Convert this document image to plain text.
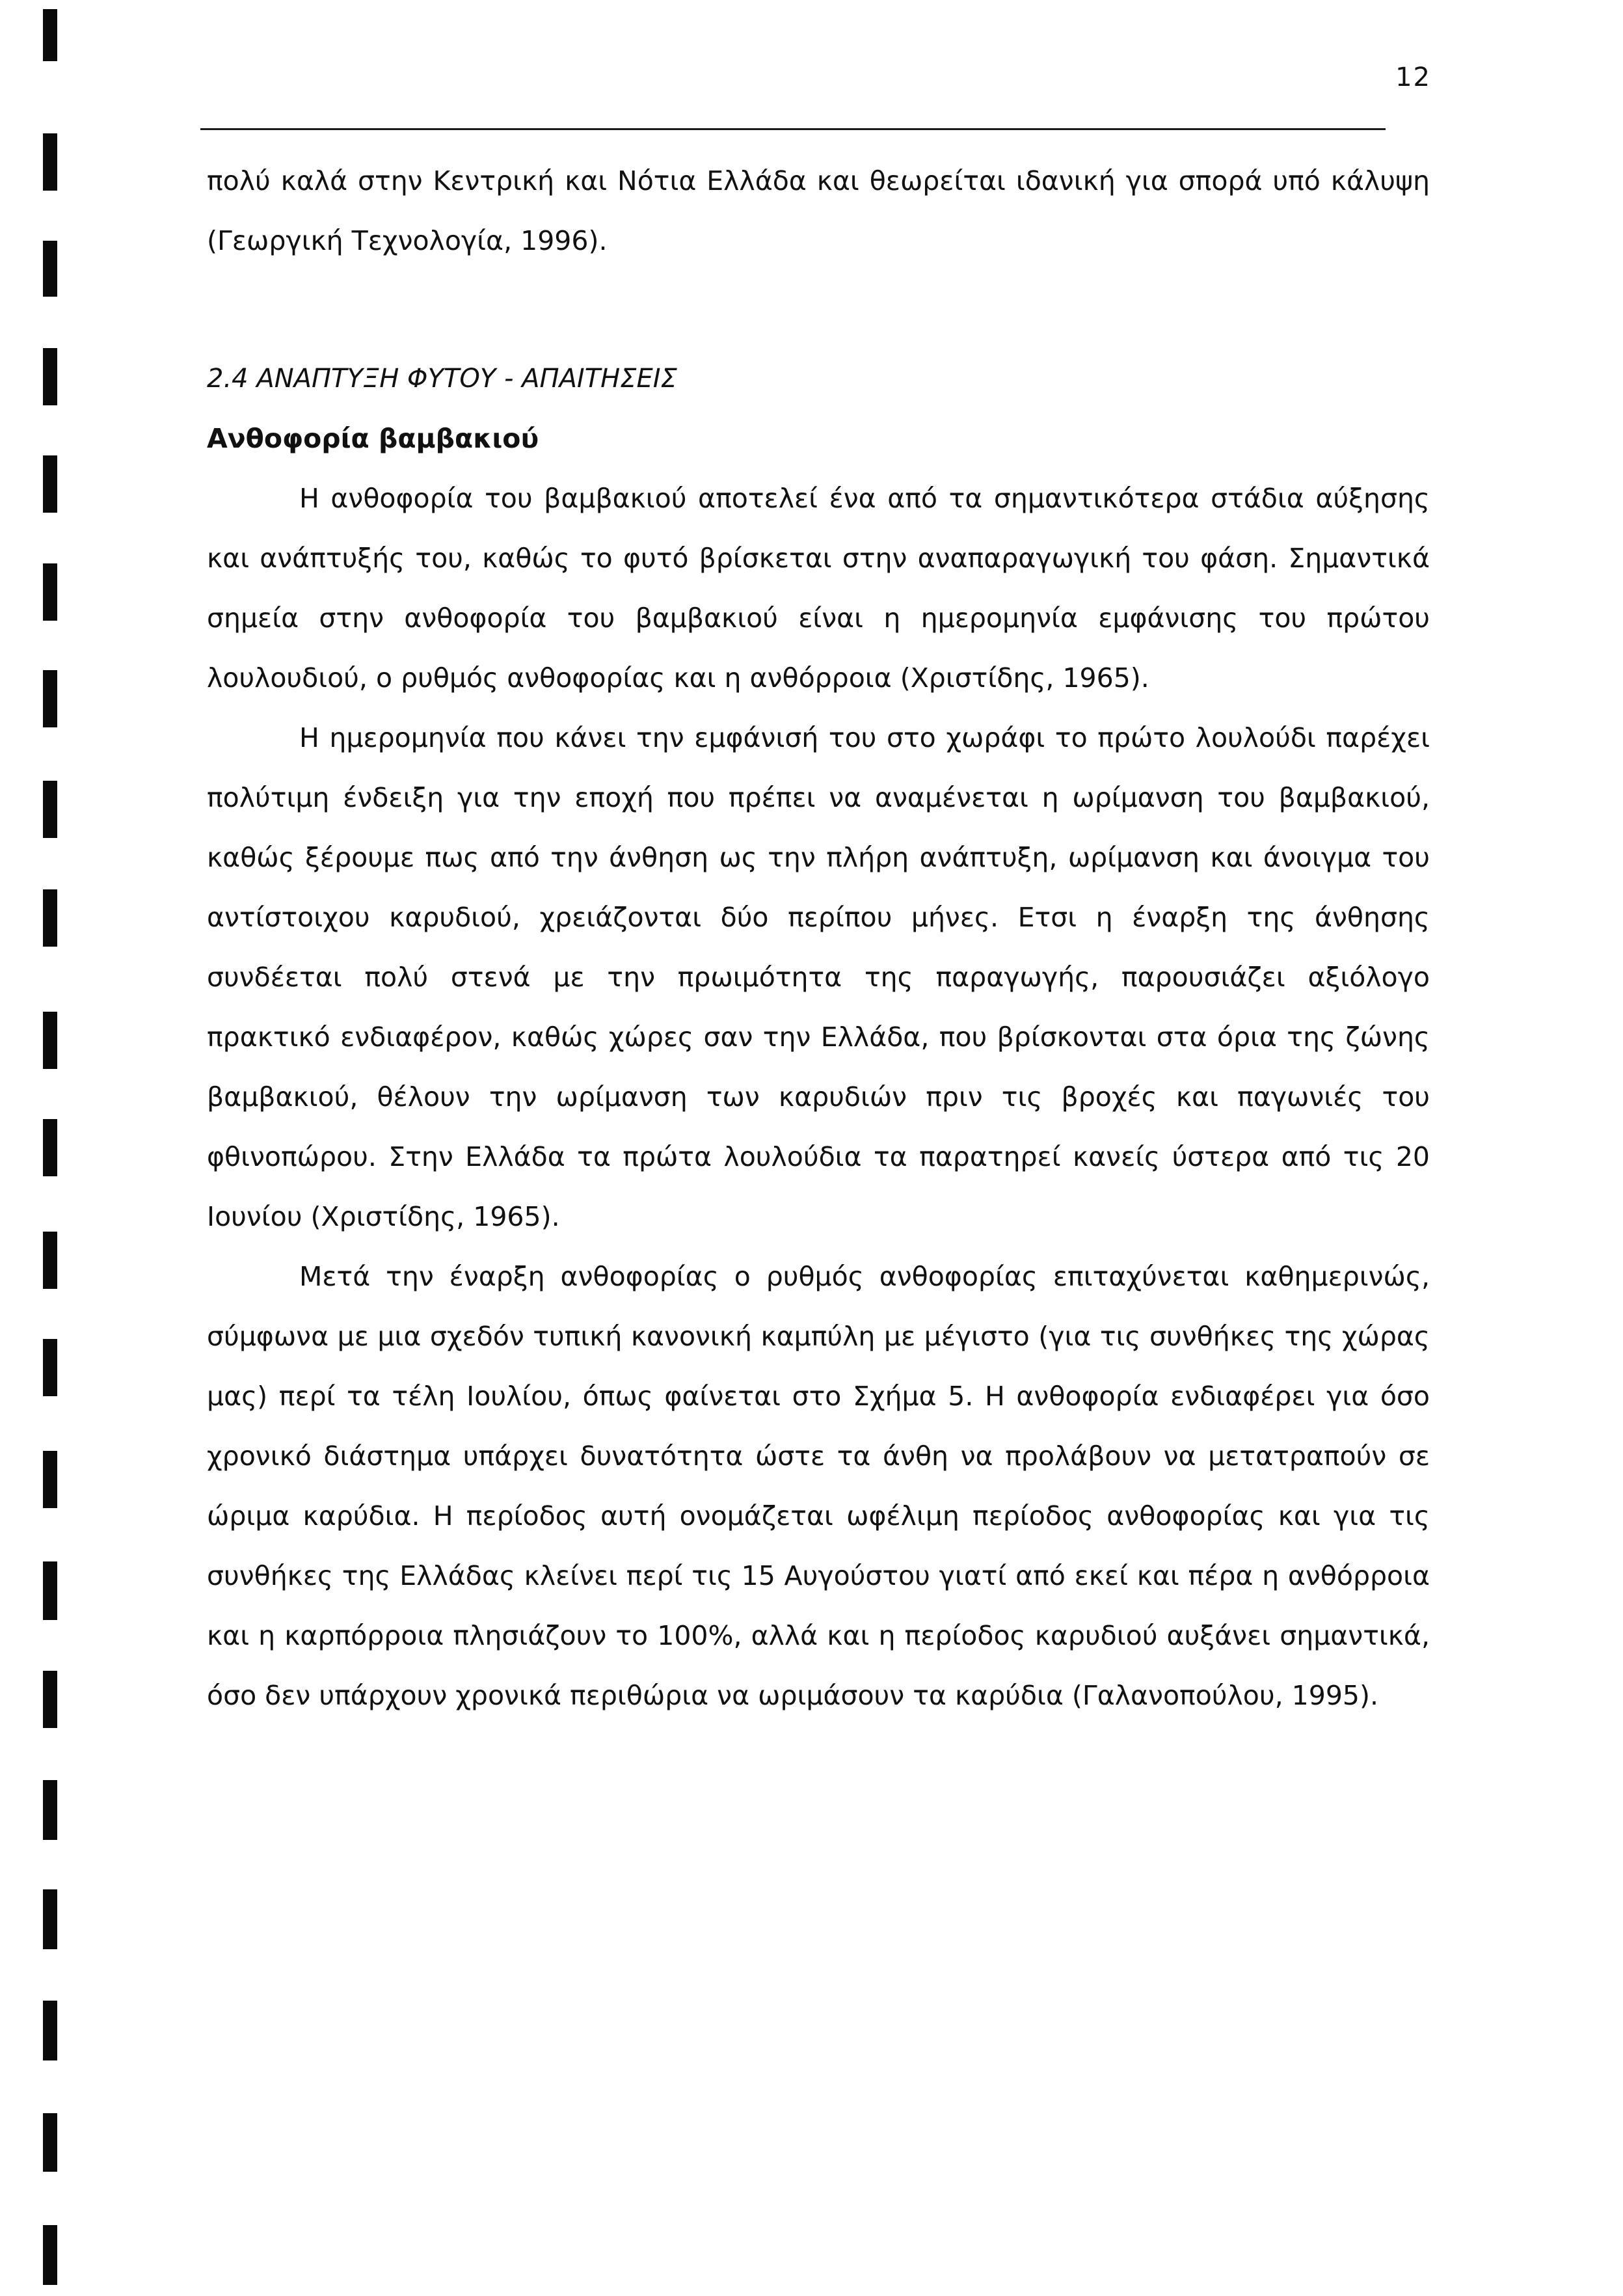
12

πολύ καλά στην Κεντρική και Νότια Ελλάδα και θεωρείται ιδανική για σπορά υπό κάλυψη (Γεωργική Τεχνολογία, 1996).

2.4 ΑΝΑΠΤΥΞΗ ΦΥΤΟΥ - ΑΠΑΙΤΗΣΕΙΣ
Ανθοφορία βαμβακιού

Η ανθοφορία του βαμβακιού αποτελεί ένα από τα σημαντικότερα στάδια αύξησης και ανάπτυξής του, καθώς το φυτό βρίσκεται στην αναπαραγωγική του φάση. Σημαντικά σημεία στην ανθοφορία του βαμβακιού είναι η ημερομηνία εμφάνισης του πρώτου λουλουδιού, ο ρυθμός ανθοφορίας και η ανθόρροια (Χριστίδης, 1965).

Η ημερομηνία που κάνει την εμφάνισή του στο χωράφι το πρώτο λουλούδι παρέχει πολύτιμη ένδειξη για την εποχή που πρέπει να αναμένεται η ωρίμανση του βαμβακιού, καθώς ξέρουμε πως από την άνθηση ως την πλήρη ανάπτυξη, ωρίμανση και άνοιγμα του αντίστοιχου καρυδιού, χρειάζονται δύο περίπου μήνες. Ετσι η έναρξη της άνθησης συνδέεται πολύ στενά με την πρωιμότητα της παραγωγής, παρουσιάζει αξιόλογο πρακτικό ενδιαφέρον, καθώς χώρες σαν την Ελλάδα, που βρίσκονται στα όρια της ζώνης βαμβακιού, θέλουν την ωρίμανση των καρυδιών πριν τις βροχές και παγωνιές του φθινοπώρου. Στην Ελλάδα τα πρώτα λουλούδια τα παρατηρεί κανείς ύστερα από τις 20 Ιουνίου (Χριστίδης, 1965).

Μετά την έναρξη ανθοφορίας ο ρυθμός ανθοφορίας επιταχύνεται καθημερινώς, σύμφωνα με μια σχεδόν τυπική κανονική καμπύλη με μέγιστο (για τις συνθήκες της χώρας μας) περί τα τέλη Ιουλίου, όπως φαίνεται στο Σχήμα 5. Η ανθοφορία ενδιαφέρει για όσο χρονικό διάστημα υπάρχει δυνατότητα ώστε τα άνθη να προλάβουν να μετατραπούν σε ώριμα καρύδια. Η περίοδος αυτή ονομάζεται ωφέλιμη περίοδος ανθοφορίας και για τις συνθήκες της Ελλάδας κλείνει περί τις 15 Αυγούστου γιατί από εκεί και πέρα η ανθόρροια και η καρπόρροια πλησιάζουν το 100%, αλλά και η περίοδος καρυδιού αυξάνει σημαντικά, όσο δεν υπάρχουν χρονικά περιθώρια να ωριμάσουν τα καρύδια (Γαλανοπούλου, 1995).
